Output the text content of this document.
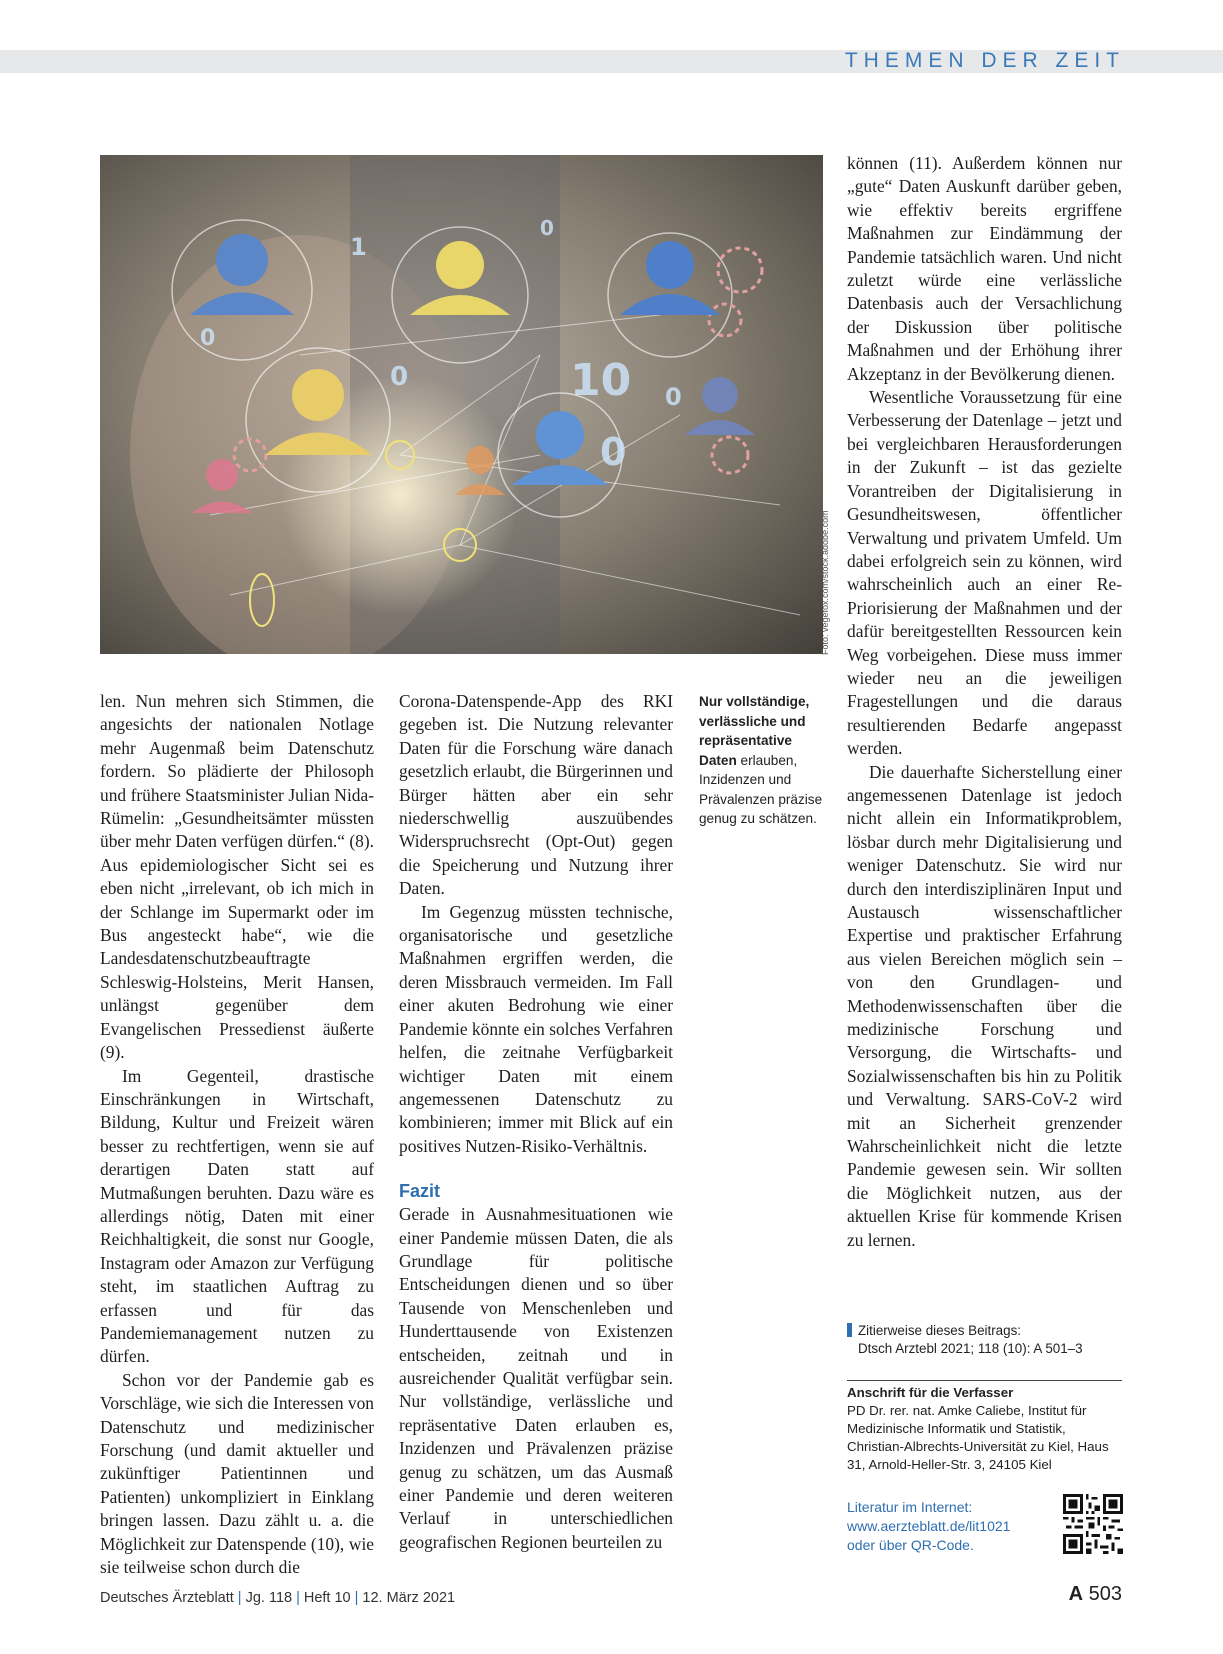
THEMEN DER ZEIT
10 0
0
0
1
0
0
Foto: vegefox.com/stock.adobe.com

len. Nun mehren sich Stimmen, die angesichts der nationalen Notlage mehr Augenmaß beim Datenschutz fordern. So plädierte der Philosoph und frühere Staatsminister Julian Nida-Rümelin: „Gesundheitsämter müssten über mehr Daten verfügen dürfen.“ (8). Aus epidemiologischer Sicht sei es eben nicht „irrelevant, ob ich mich in der Schlange im Supermarkt oder im Bus angesteckt habe“, wie die Landesdatenschutzbeauftragte Schleswig-Holsteins, Merit Hansen, unlängst gegenüber dem Evangelischen Pressedienst äußerte (9).

Im Gegenteil, drastische Einschränkungen in Wirtschaft, Bildung, Kultur und Freizeit wären besser zu rechtfertigen, wenn sie auf derartigen Daten statt auf Mutmaßungen beruhten. Dazu wäre es allerdings nötig, Daten mit einer Reichhaltigkeit, die sonst nur Google, Instagram oder Amazon zur Verfügung steht, im staatlichen Auftrag zu erfassen und für das Pandemiemanagement nutzen zu dürfen.

Schon vor der Pandemie gab es Vorschläge, wie sich die Interessen von Datenschutz und medizinischer Forschung (und damit aktueller und zukünftiger Patientinnen und Patienten) unkompliziert in Einklang bringen lassen. Dazu zählt u. a. die Möglichkeit zur Datenspende (10), wie sie teilweise schon durch die

Corona-Datenspende-App des RKI gegeben ist. Die Nutzung relevanter Daten für die Forschung wäre danach gesetzlich erlaubt, die Bürgerinnen und Bürger hätten aber ein sehr niederschwellig auszuübendes Widerspruchsrecht (Opt-Out) gegen die Speicherung und Nutzung ihrer Daten.

Im Gegenzug müssten technische, organisatorische und gesetzliche Maßnahmen ergriffen werden, die deren Missbrauch vermeiden. Im Fall einer akuten Bedrohung wie einer Pandemie könnte ein solches Verfahren helfen, die zeitnahe Verfügbarkeit wichtiger Daten mit einem angemessenen Datenschutz zu kombinieren; immer mit Blick auf ein positives Nutzen-Risiko-Verhältnis.

Fazit

Gerade in Ausnahmesituationen wie einer Pandemie müssen Daten, die als Grundlage für politische Entscheidungen dienen und so über Tausende von Menschenleben und Hunderttausende von Existenzen entscheiden, zeitnah und in ausreichender Qualität verfügbar sein. Nur vollständige, verlässliche und repräsentative Daten erlauben es, Inzidenzen und Prävalenzen präzise genug zu schätzen, um das Ausmaß einer Pandemie und deren weiteren Verlauf in unterschiedlichen geografischen Regionen beurteilen zu

Nur vollständige, verlässliche und repräsentative Daten erlauben, Inzidenzen und Prävalenzen präzise genug zu schätzen.

können (11). Außerdem können nur „gute“ Daten Auskunft darüber geben, wie effektiv bereits ergriffene Maßnahmen zur Eindämmung der Pandemie tatsächlich waren. Und nicht zuletzt würde eine verlässliche Datenbasis auch der Versachlichung der Diskussion über politische Maßnahmen und der Erhöhung ihrer Akzeptanz in der Bevölkerung dienen.

Wesentliche Voraussetzung für eine Verbesserung der Datenlage – jetzt und bei vergleichbaren Herausforderungen in der Zukunft – ist das gezielte Vorantreiben der Digitalisierung in Gesundheitswesen, öffentlicher Verwaltung und privatem Umfeld. Um dabei erfolgreich sein zu können, wird wahrscheinlich auch an einer Re-Priorisierung der Maßnahmen und der dafür bereitgestellten Ressourcen kein Weg vorbeigehen. Diese muss immer wieder neu an die jeweiligen Fragestellungen und die daraus resultierenden Bedarfe angepasst werden.

Die dauerhafte Sicherstellung einer angemessenen Datenlage ist jedoch nicht allein ein Informatikproblem, lösbar durch mehr Digitalisierung und weniger Datenschutz. Sie wird nur durch den interdisziplinären Input und Austausch wissenschaftlicher Expertise und praktischer Erfahrung aus vielen Bereichen möglich sein – von den Grundlagen- und Methodenwissenschaften über die medizinische Forschung und Versorgung, die Wirtschafts- und Sozialwissenschaften bis hin zu Politik und Verwaltung. SARS-CoV-2 wird mit an Sicherheit grenzender Wahrscheinlichkeit nicht die letzte Pandemie gewesen sein. Wir sollten die Möglichkeit nutzen, aus der aktuellen Krise für kommende Krisen zu lernen.

Zitierweise dieses Beitrags:
Dtsch Arztebl 2021; 118 (10): A 501–3
Anschrift für die Verfasser
PD Dr. rer. nat. Amke Caliebe, Institut für Medizinische Informatik und Statistik, Christian-Albrechts-Universität zu Kiel, Haus 31, Arnold-Heller-Str. 3, 24105 Kiel
Literatur im Internet:
www.aerzteblatt.de/lit1021
oder über QR-Code.
Deutsches Ärzteblatt | Jg. 118 | Heft 10 | 12. März 2021	A 503
